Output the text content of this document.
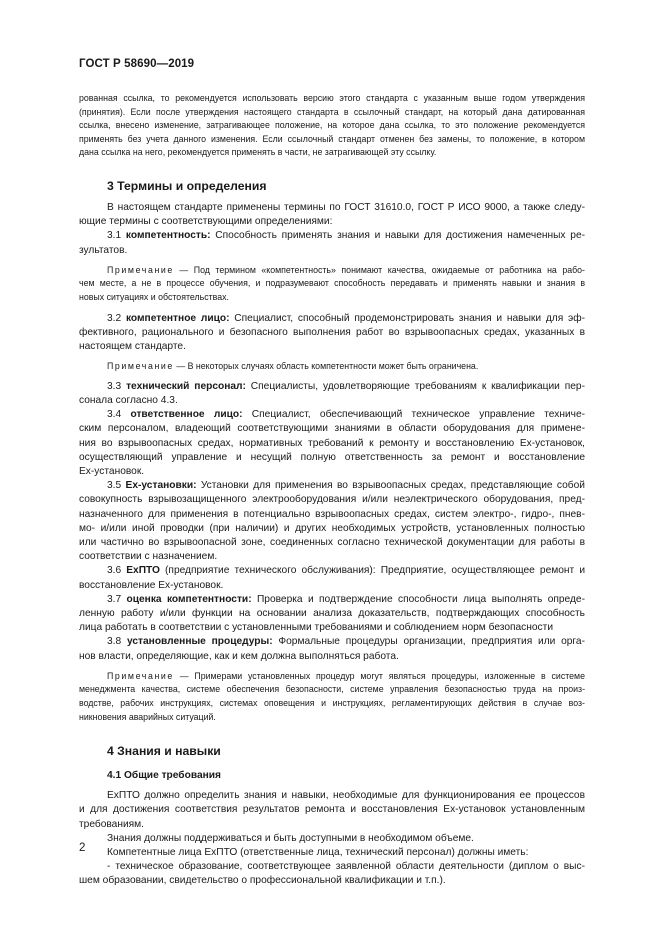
ГОСТ Р 58690—2019
рованная ссылка, то рекомендуется использовать версию этого стандарта с указанным выше годом утверждения
(принятия). Если после утверждения настоящего стандарта в ссылочный стандарт, на который дана датированная
ссылка, внесено изменение, затрагивающее положение, на которое дана ссылка, то это положение рекомендуется
применять без учета данного изменения. Если ссылочный стандарт отменен без замены, то положение, в котором
дана ссылка на него, рекомендуется применять в части, не затрагивающей эту ссылку.
3 Термины и определения

В настоящем стандарте применены термины по ГОСТ 31610.0, ГОСТ Р ИСО 9000, а также следу-
ющие термины с соответствующими определениями:

3.1 компетентность: Способность применять знания и навыки для достижения намеченных ре-
зультатов.

Примечание — Под термином «компетентность» понимают качества, ожидаемые от работника на рабо-
чем месте, а не в процессе обучения, и подразумевают способность передавать и применять навыки и знания в
новых ситуациях и обстоятельствах.
3.2 компетентное лицо: Специалист, способный продемонстрировать знания и навыки для эф-
фективного, рационального и безопасного выполнения работ во взрывоопасных средах, указанных в
настоящем стандарте.
Примечание — В некоторых случаях область компетентности может быть ограничена.

3.3 технический персонал: Специалисты, удовлетворяющие требованиям к квалификации пер-
сонала согласно 4.3.

3.4 ответственное лицо: Специалист, обеспечивающий техническое управление техниче-
ским персоналом, владеющий соответствующими знаниями в области оборудования для примене-
ния во взрывоопасных средах, нормативных требований к ремонту и восстановлению Ex-установок,
осуществляющий управление и несущий полную ответственность за ремонт и восстановление
Ex-установок.

3.5 Ex-установки: Установки для применения во взрывоопасных средах, представляющие собой
совокупность взрывозащищенного электрооборудования и/или неэлектрического оборудования, пред-
назначенного для применения в потенциально взрывоопасных средах, систем электро-, гидро-, пнев-
мо- и/или иной проводки (при наличии) и других необходимых устройств, установленных полностью
или частично во взрывоопасной зоне, соединенных согласно технической документации для работы в
соответствии с назначением.

3.6 ExПТО (предприятие технического обслуживания): Предприятие, осуществляющее ремонт и
восстановление Ex-установок.

3.7 оценка компетентности: Проверка и подтверждение способности лица выполнять опреде-
ленную работу и/или функции на основании анализа доказательств, подтверждающих способность
лица работать в соответствии с установленными требованиями и соблюдением норм безопасности

3.8 установленные процедуры: Формальные процедуры организации, предприятия или орга-
нов власти, определяющие, как и кем должна выполняться работа.

Примечание — Примерами установленных процедур могут являться процедуры, изложенные в системе
менеджмента качества, системе обеспечения безопасности, системе управления безопасностью труда на произ-
водстве, рабочих инструкциях, системах оповещения и инструкциях, регламентирующих действия в случае воз-
никновения аварийных ситуаций.
4 Знания и навыки
4.1 Общие требования

ExПТО должно определить знания и навыки, необходимые для функционирования ее процессов
и для достижения соответствия результатов ремонта и восстановления Ex-установок установленным
требованиям.

Знания должны поддерживаться и быть доступными в необходимом объеме.

Компетентные лица ExПТО (ответственные лица, технический персонал) должны иметь:

- техническое образование, соответствующее заявленной области деятельности (диплом о выс-
шем образовании, свидетельство о профессиональной квалификации и т.п.).

2
